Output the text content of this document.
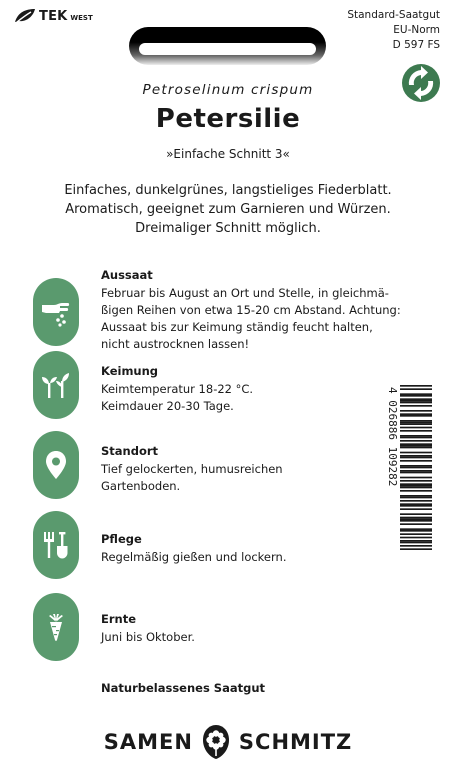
TEK WEST	Standard-Saatgut
EU-Norm
D 597 FS
Petroselinum crispum
Petersilie
»Einfache Schnitt 3«
Einfaches, dunkelgrünes, langstieliges Fiederblatt.
Aromatisch, geeignet zum Garnieren und Würzen.
Dreimaliger Schnitt möglich.
Aussaat
Februar bis August an Ort und Stelle, in gleichmä-
ßigen Reihen von etwa 15-20 cm Abstand. Achtung:
Aussaat bis zur Keimung ständig feucht halten,
nicht austrocknen lassen!
Keimung
Keimtemperatur 18-22 °C.
Keimdauer 20-30 Tage.
Standort
Tief gelockerten, humusreichen
Gartenboden.
Pflege
Regelmäßig gießen und lockern.
Ernte
Juni bis Oktober.
4 026886 109282
Naturbelassenes Saatgut
SAMEN SCHMITZ
